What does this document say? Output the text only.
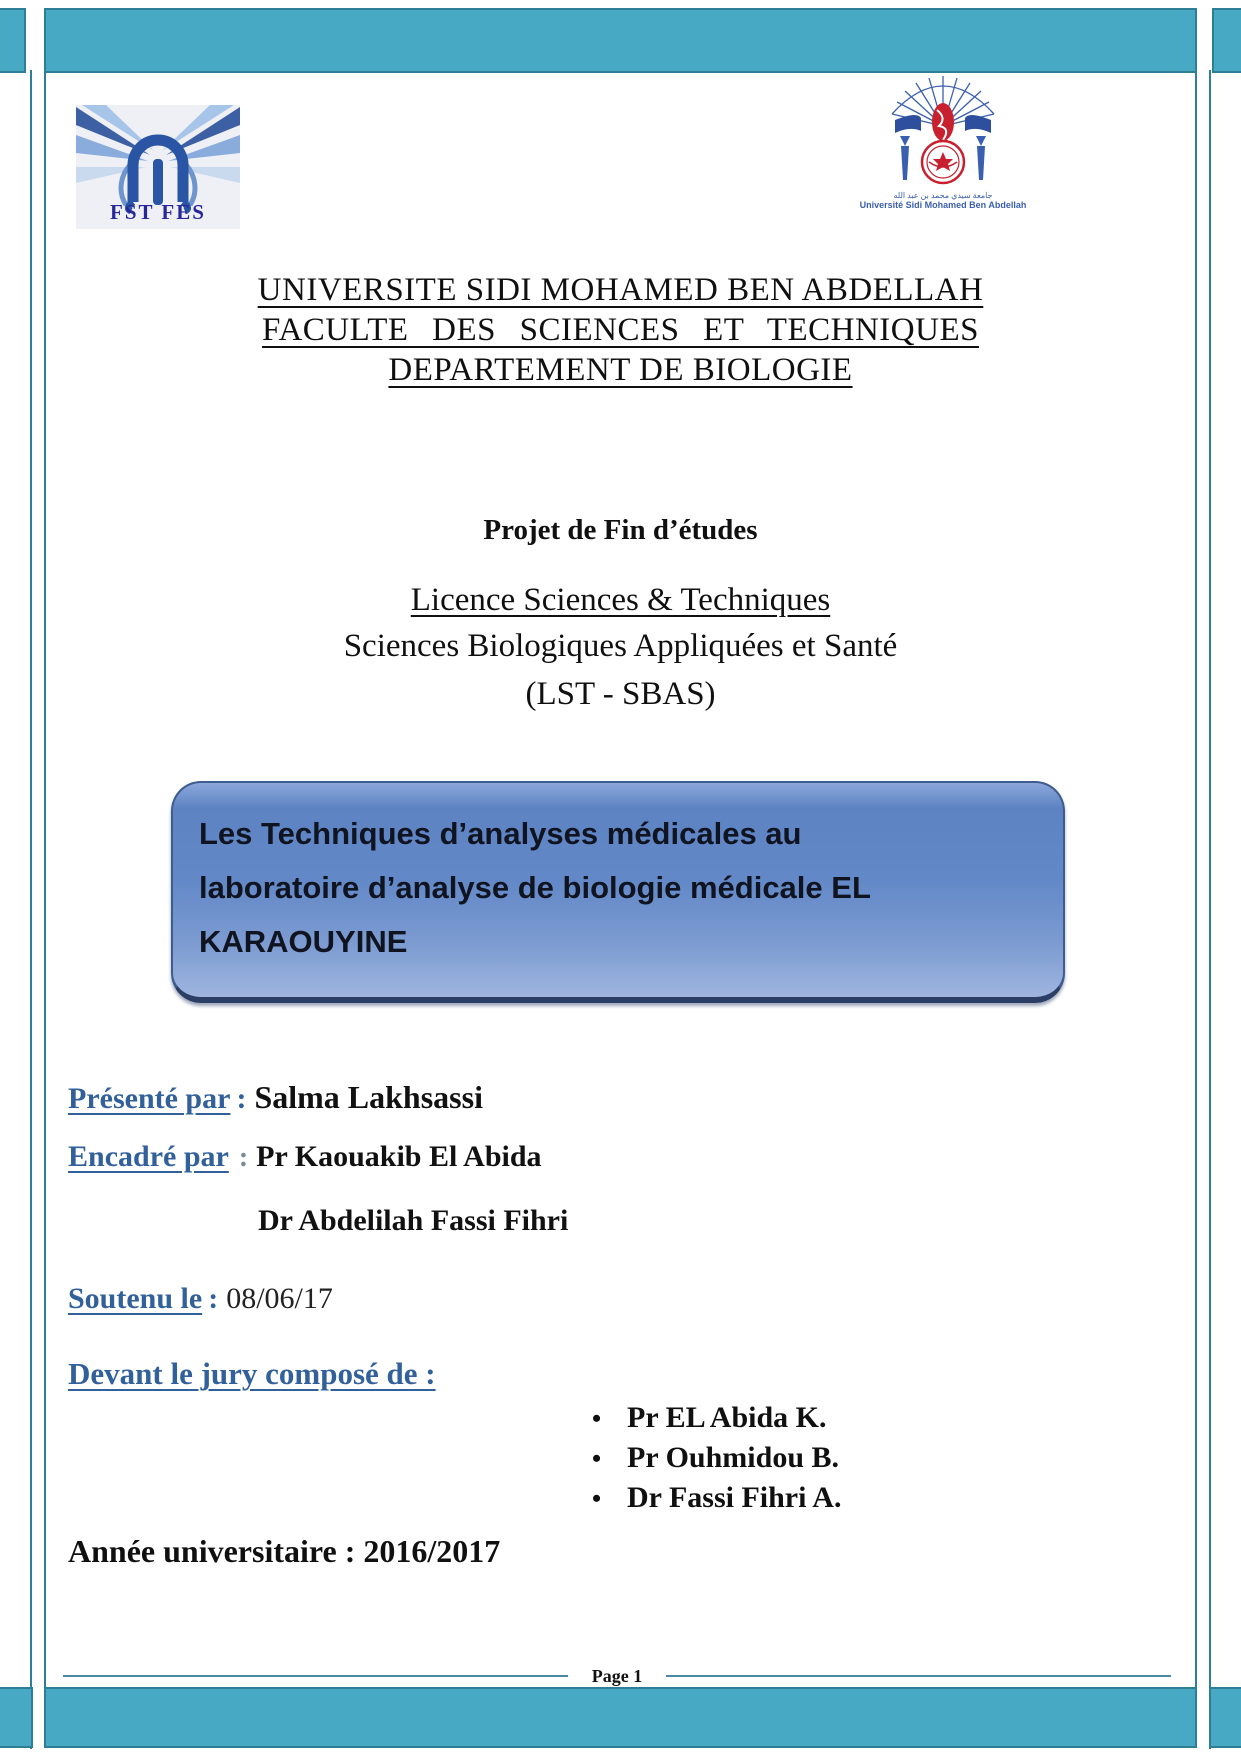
FST FES
جامعة سيدي محمد بن عبد الله
Université Sidi Mohamed Ben Abdellah
UNIVERSITE SIDI MOHAMED BEN ABDELLAH
FACULTE DES SCIENCES ET TECHNIQUES
DEPARTEMENT DE BIOLOGIE
Projet de Fin d’études
Licence Sciences & Techniques
Sciences Biologiques Appliquées et Santé
(LST - SBAS)
Les Techniques d’analyses médicales au
laboratoire d’analyse de biologie médicale EL
KARAOUYINE
Présenté par : Salma Lakhsassi
Encadré par : Pr Kaouakib El Abida
Dr Abdelilah Fassi Fihri
Soutenu le : 08/06/17
Devant le jury composé de :
• Pr EL Abida K.
• Pr Ouhmidou B.
• Dr Fassi Fihri A.
Année universitaire : 2016/2017
Page 1
